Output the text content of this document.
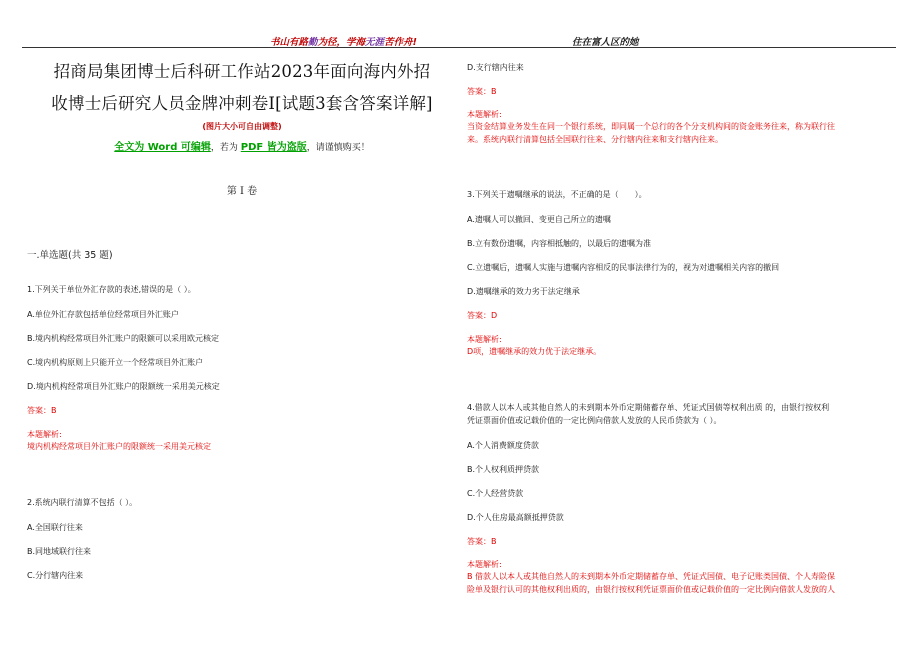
书山有路勤为径，学海无涯苦作舟!	住在富人区的她
招商局集团博士后科研工作站2023年面向海内外招
收博士后研究人员金牌冲刺卷I[试题3套含答案详解]
(图片大小可自由调整)
全文为 Word 可编辑，若为 PDF 皆为盗版，请谨慎购买！
第 I 卷
一.单选题(共 35 题)
1.下列关于单位外汇存款的表述,错误的是（ ）。
A.单位外汇存款包括单位经常项目外汇账户
B.境内机构经常项目外汇账户的限额可以采用欧元核定
C.境内机构原则上只能开立一个经常项目外汇账户
D.境内机构经常项目外汇账户的限额统一采用美元核定
答案：B
本题解析:
境内机构经常项目外汇账户的限额统一采用美元核定
2.系统内联行清算不包括（ ）。
A.全国联行往来
B.同地域联行往来
C.分行辖内往来
D.支行辖内往来
答案：B
本题解析:
当资金结算业务发生在同一个银行系统，即同属一个总行的各个分支机构间的资金账务往来，称为联行往
来。系统内联行清算包括全国联行往来、分行辖内往来和支行辖内往来。
3.下列关于遗嘱继承的说法，不正确的是（　　）。
A.遗嘱人可以撤回、变更自己所立的遗嘱
B.立有数份遗嘱，内容相抵触的，以最后的遗嘱为准
C.立遗嘱后，遗嘱人实施与遗嘱内容相反的民事法律行为的，视为对遗嘱相关内容的撤回
D.遗嘱继承的效力劣于法定继承
答案：D
本题解析:
D项，遗嘱继承的效力优于法定继承。
4.借款人以本人或其他自然人的未到期本外币定期储蓄存单、凭证式国债等权利出质 的，由银行按权利
凭证票面价值或记载价值的一定比例向借款人发放的人民币贷款为（ ）。
A.个人消费额度贷款
B.个人权利质押贷款
C.个人经营贷款
D.个人住房最高额抵押贷款
答案：B
本题解析:
B 借款人以本人或其他自然人的未到期本外币定期储蓄存单、凭证式国债、电子记账类国债、个人寿险保
险单及银行认可的其他权利出质的，由银行按权利凭证票面价值或记载价值的一定比例向借款人发放的人
